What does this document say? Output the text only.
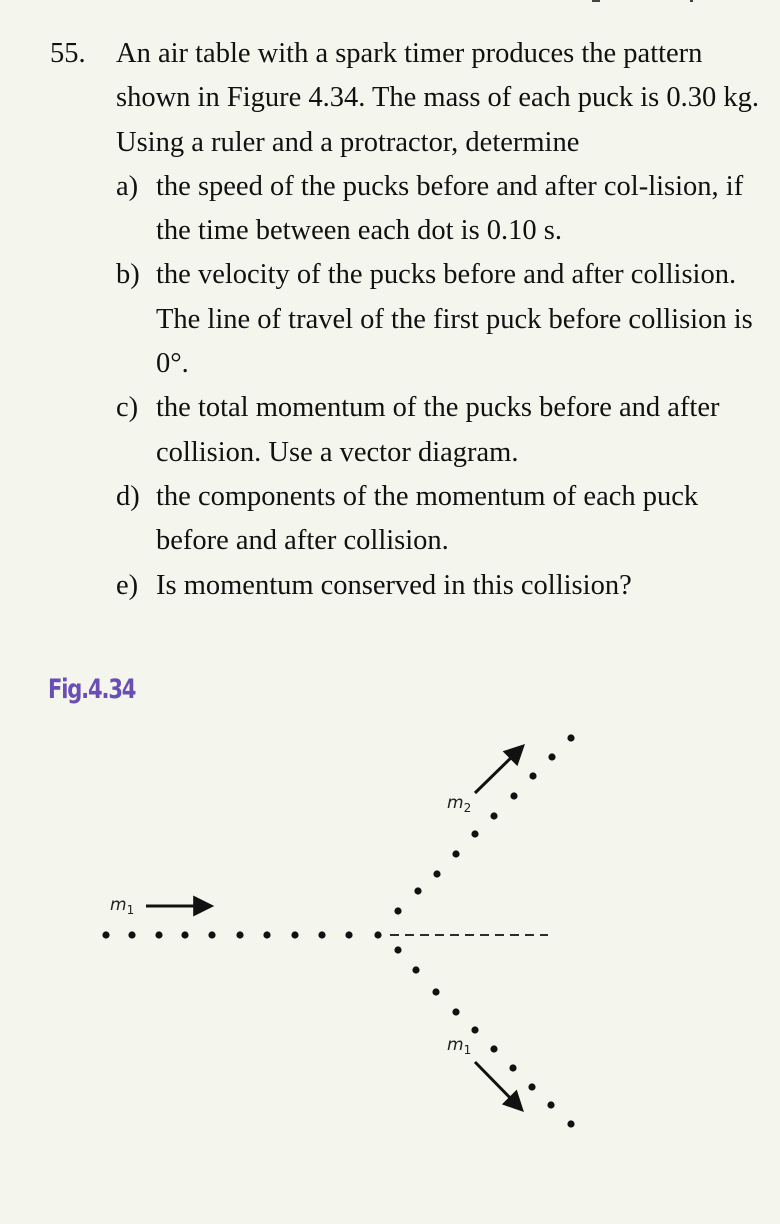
55. An air table with a spark timer produces the pattern shown in Figure 4.34. The mass of each puck is 0.30 kg. Using a ruler and a protractor, determine
a) the speed of the pucks before and after col-lision, if the time between each dot is 0.10 s.
b) the velocity of the pucks before and after collision. The line of travel of the first puck before collision is 0°.
c) the total momentum of the pucks before and after collision. Use a vector diagram.
d) the components of the momentum of each puck before and after collision.
e) Is momentum conserved in this collision?
Fig.4.34
$m_1$
$m_2$
$m_1$
